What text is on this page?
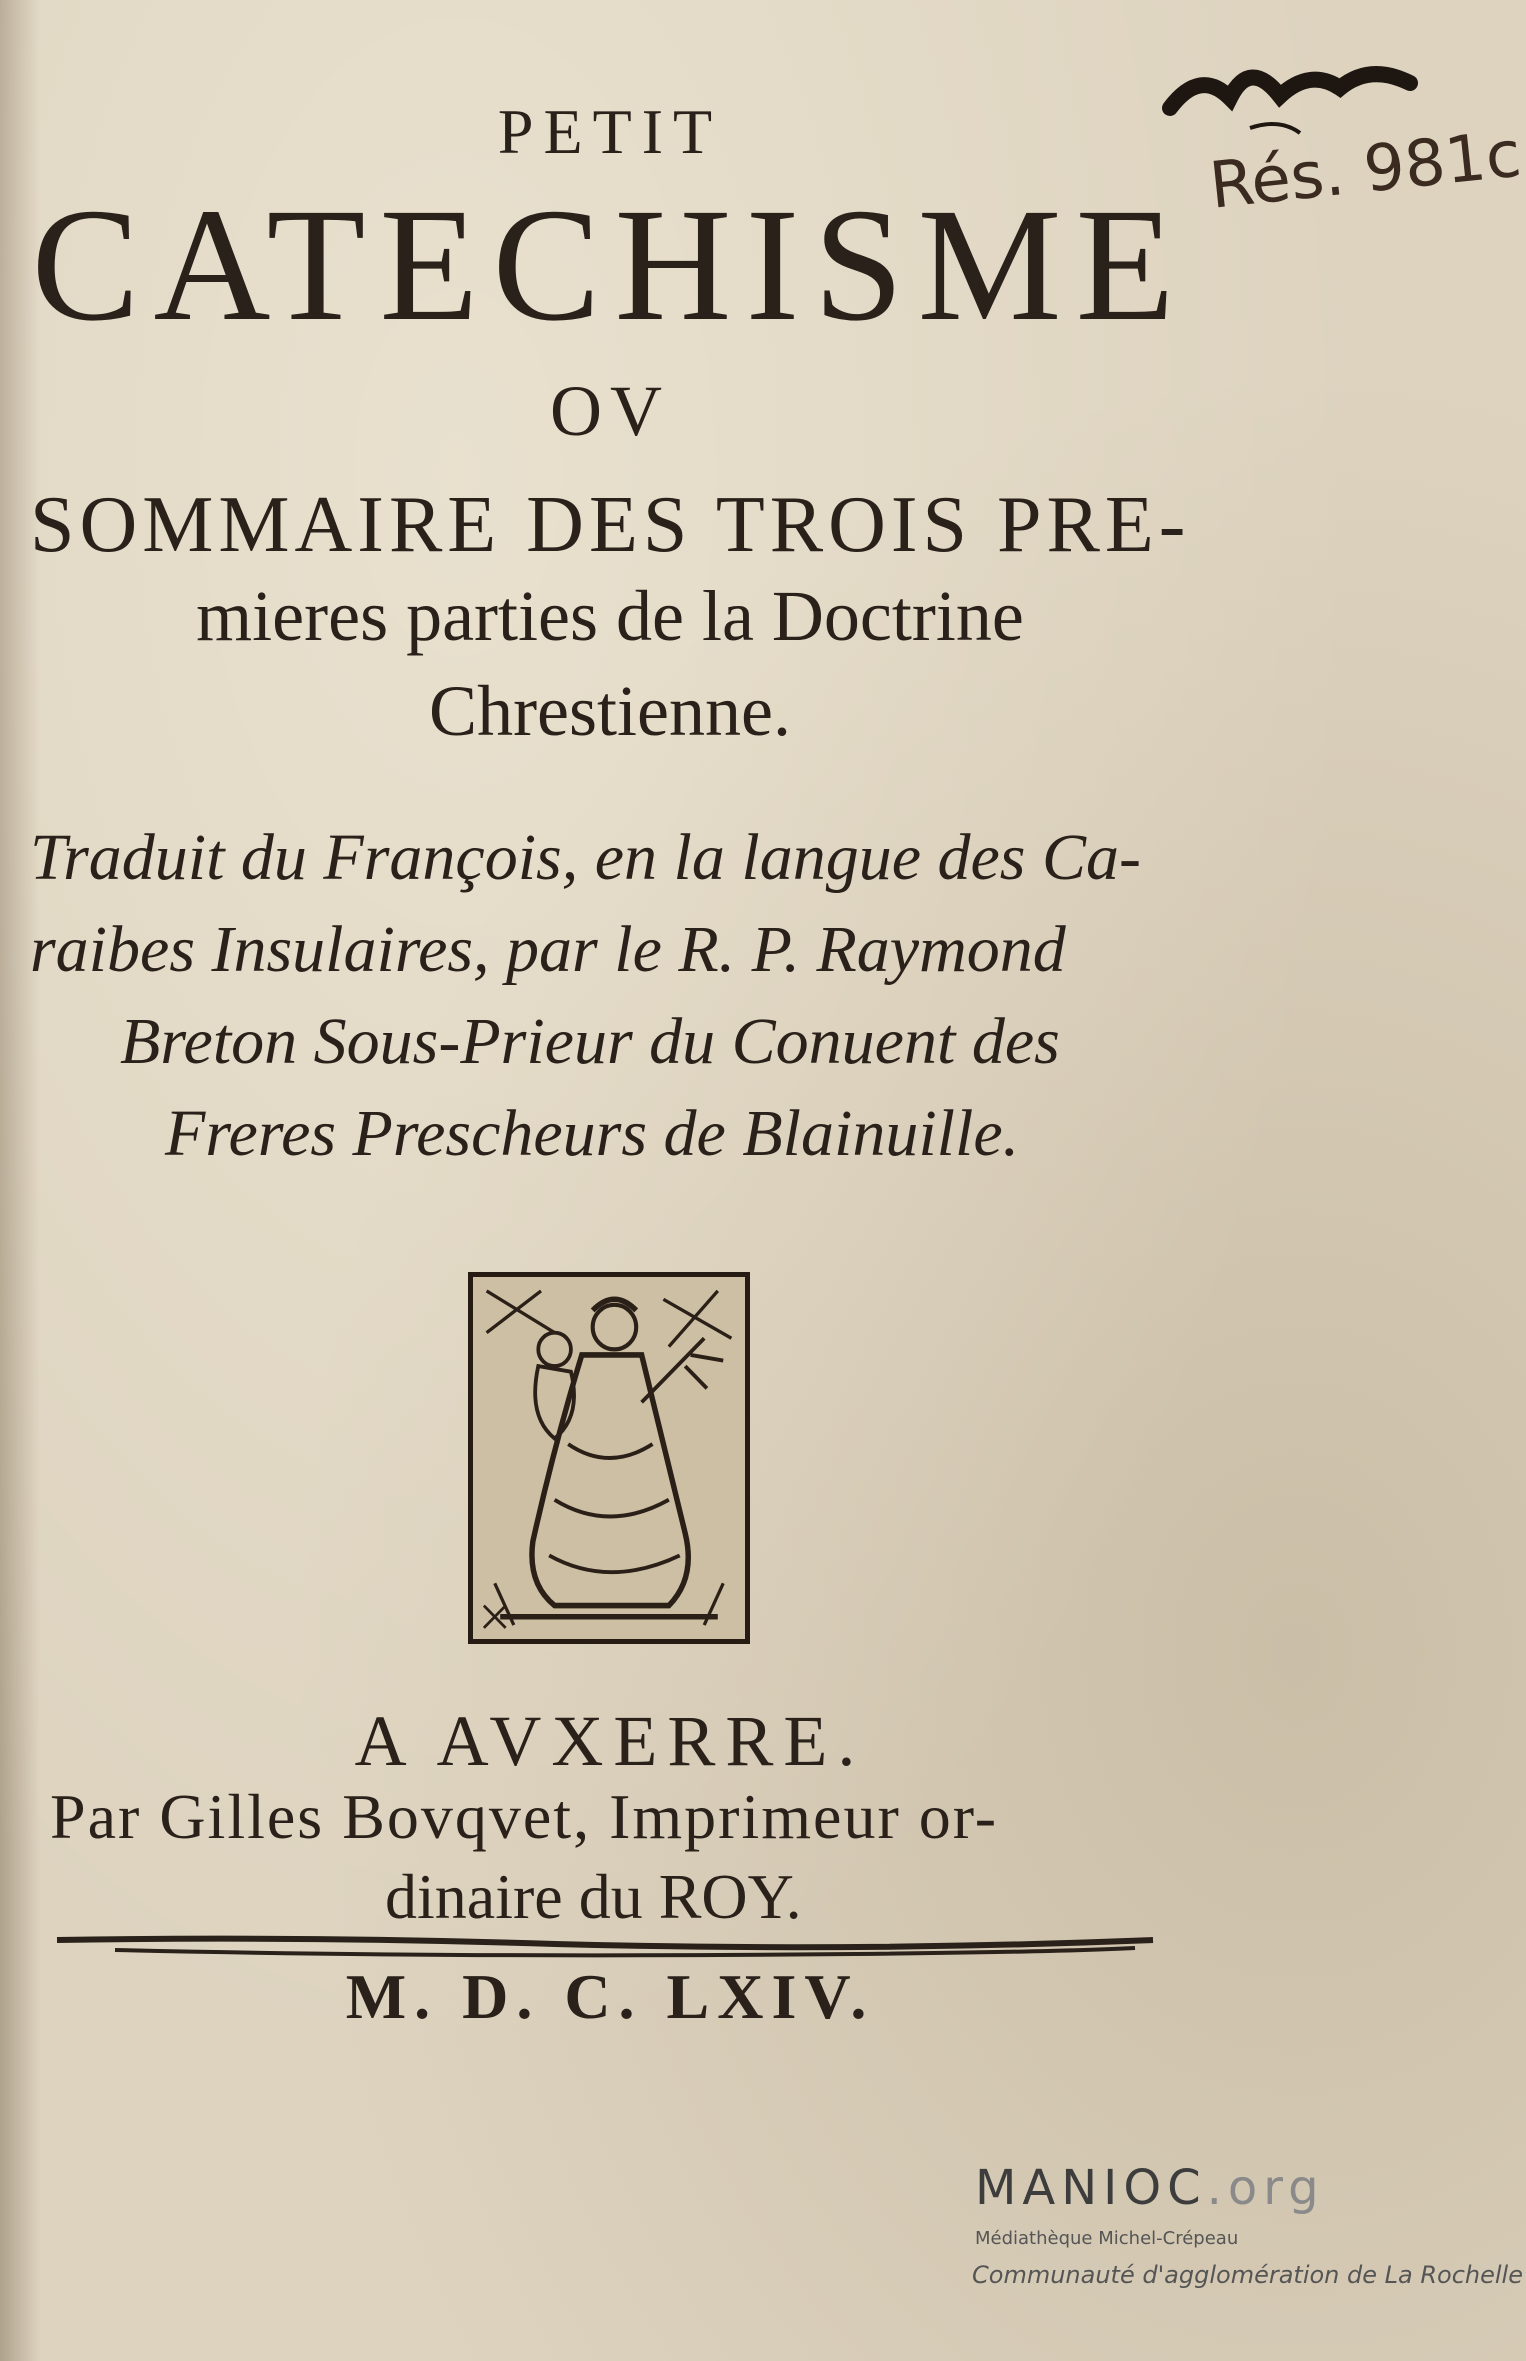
PETIT
CATECHISME
OV
SOMMAIRE DES TROIS PRE-
mieres parties de la Doctrine
Chrestienne.
Traduit du François, en la langue des Ca-
raibes Insulaires, par le R. P. Raymond
Breton Sous-Prieur du Conuent des
Freres Prescheurs de Blainuille.
A AVXERRE.
Par Gilles Bovqvet, Imprimeur or-
dinaire du ROY.
M. D. C. LXIV.
Rés. 981c
MANIOC.org
Médiathèque Michel-Crépeau
Communauté d'agglomération de La Rochelle
